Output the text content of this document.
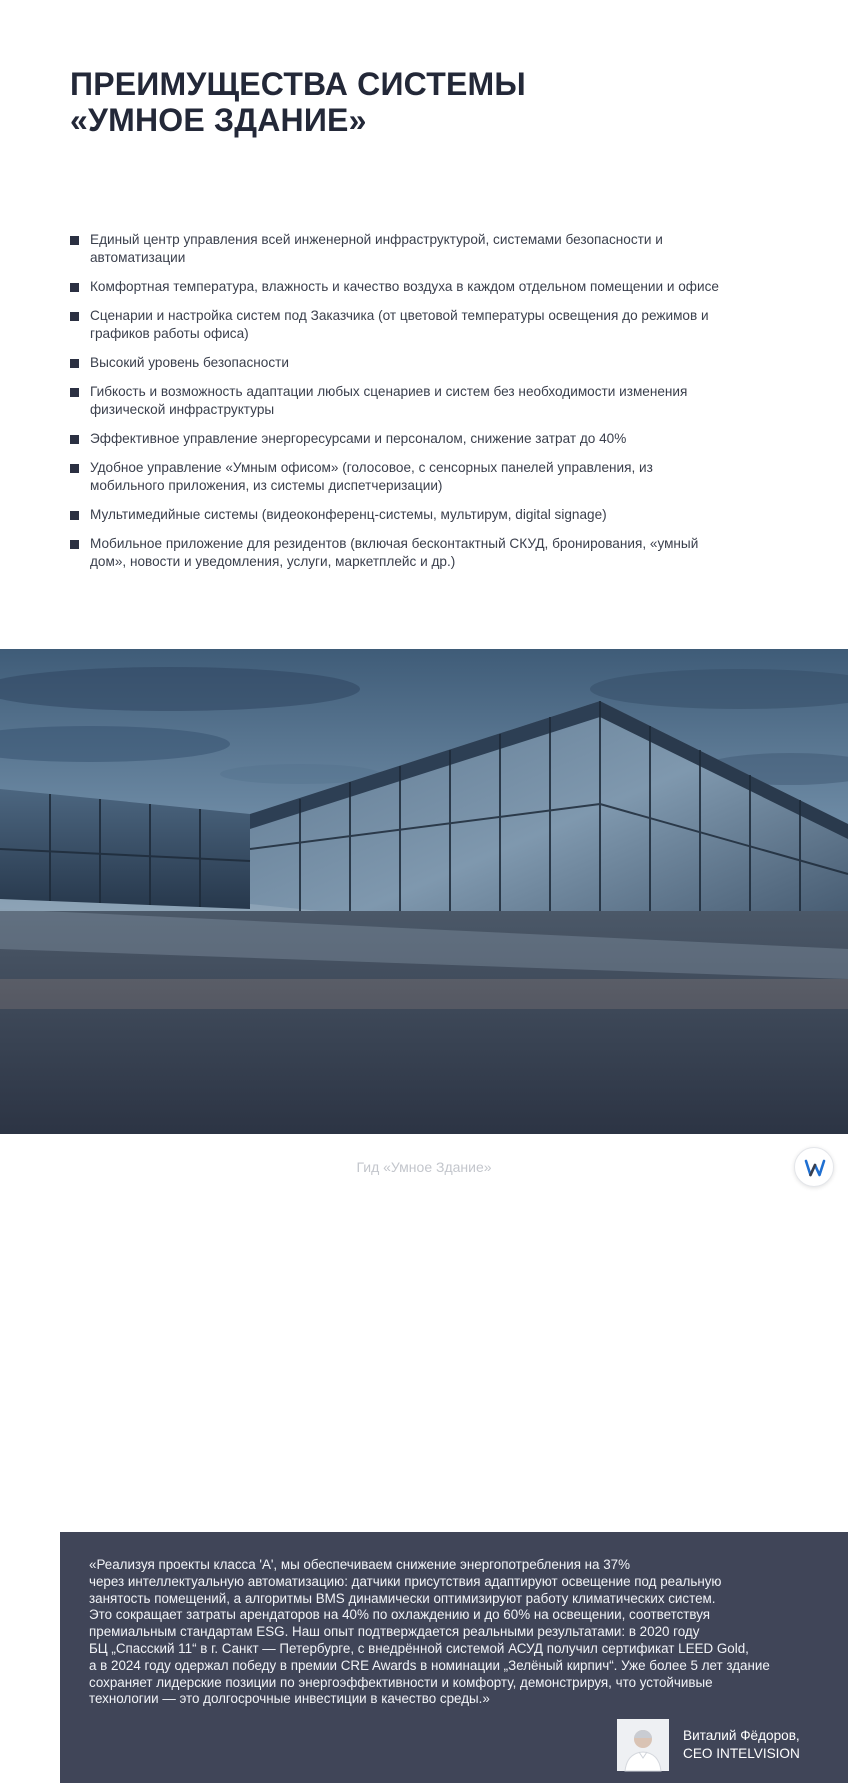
ПРЕИМУЩЕСТВА СИСТЕМЫ
«УМНОЕ ЗДАНИЕ»
Единый центр управления всей инженерной инфраструктурой, системами безопасности и автоматизации
Комфортная температура, влажность и качество воздуха в каждом отдельном помещении и офисе
Сценарии и настройка систем под Заказчика (от цветовой температуры освещения до режимов и графиков работы офиса)
Высокий уровень безопасности
Гибкость и возможность адаптации любых сценариев и систем без необходимости изменения физической инфраструктуры
Эффективное управление энергоресурсами и персоналом, снижение затрат до 40%
Удобное управление «Умным офисом» (голосовое, с сенсорных панелей управления, из мобильного приложения, из системы диспетчеризации)
Мультимедийные системы (видеоконференц-системы, мультирум, digital signage)
Мобильное приложение для резидентов (включая бесконтактный СКУД, бронирования, «умный дом», новости и уведомления, услуги, маркетплейс и др.)

«Реализуя проекты класса 'A', мы обеспечиваем снижение энергопотребления на 37%
через интеллектуальную автоматизацию: датчики присутствия адаптируют освещение под реальную
занятость помещений, а алгоритмы BMS динамически оптимизируют работу климатических систем.
Это сокращает затраты арендаторов на 40% по охлаждению и до 60% на освещении, соответствуя
премиальным стандартам ESG. Наш опыт подтверждается реальными результатами: в 2020 году
БЦ „Спасский 11“ в г. Санкт — Петербурге, с внедрённой системой АСУД получил сертификат LEED Gold,
а в 2024 году одержал победу в премии CRE Awards в номинации „Зелёный кирпич“. Уже более 5 лет здание
сохраняет лидерские позиции по энергоэффективности и комфорту, демонстрируя, что устойчивые
технологии — это долгосрочные инвестиции в качество среды.»

Виталий Фёдоров,
CEO INTELVISION
Гид «Умное Здание»
